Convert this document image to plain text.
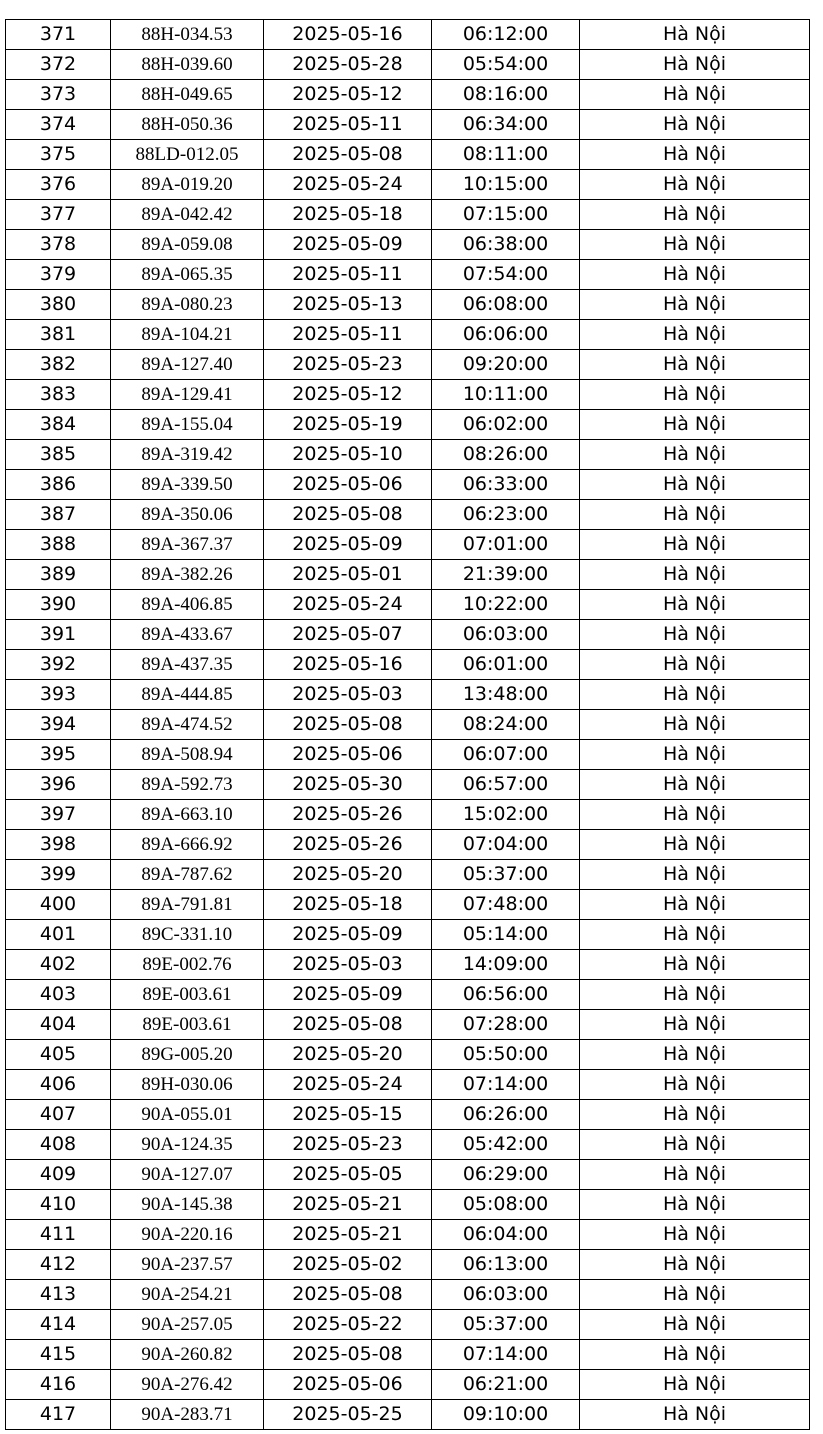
371	88H-034.53	2025-05-16	06:12:00	Hà Nội
372	88H-039.60	2025-05-28	05:54:00	Hà Nội
373	88H-049.65	2025-05-12	08:16:00	Hà Nội
374	88H-050.36	2025-05-11	06:34:00	Hà Nội
375	88LD-012.05	2025-05-08	08:11:00	Hà Nội
376	89A-019.20	2025-05-24	10:15:00	Hà Nội
377	89A-042.42	2025-05-18	07:15:00	Hà Nội
378	89A-059.08	2025-05-09	06:38:00	Hà Nội
379	89A-065.35	2025-05-11	07:54:00	Hà Nội
380	89A-080.23	2025-05-13	06:08:00	Hà Nội
381	89A-104.21	2025-05-11	06:06:00	Hà Nội
382	89A-127.40	2025-05-23	09:20:00	Hà Nội
383	89A-129.41	2025-05-12	10:11:00	Hà Nội
384	89A-155.04	2025-05-19	06:02:00	Hà Nội
385	89A-319.42	2025-05-10	08:26:00	Hà Nội
386	89A-339.50	2025-05-06	06:33:00	Hà Nội
387	89A-350.06	2025-05-08	06:23:00	Hà Nội
388	89A-367.37	2025-05-09	07:01:00	Hà Nội
389	89A-382.26	2025-05-01	21:39:00	Hà Nội
390	89A-406.85	2025-05-24	10:22:00	Hà Nội
391	89A-433.67	2025-05-07	06:03:00	Hà Nội
392	89A-437.35	2025-05-16	06:01:00	Hà Nội
393	89A-444.85	2025-05-03	13:48:00	Hà Nội
394	89A-474.52	2025-05-08	08:24:00	Hà Nội
395	89A-508.94	2025-05-06	06:07:00	Hà Nội
396	89A-592.73	2025-05-30	06:57:00	Hà Nội
397	89A-663.10	2025-05-26	15:02:00	Hà Nội
398	89A-666.92	2025-05-26	07:04:00	Hà Nội
399	89A-787.62	2025-05-20	05:37:00	Hà Nội
400	89A-791.81	2025-05-18	07:48:00	Hà Nội
401	89C-331.10	2025-05-09	05:14:00	Hà Nội
402	89E-002.76	2025-05-03	14:09:00	Hà Nội
403	89E-003.61	2025-05-09	06:56:00	Hà Nội
404	89E-003.61	2025-05-08	07:28:00	Hà Nội
405	89G-005.20	2025-05-20	05:50:00	Hà Nội
406	89H-030.06	2025-05-24	07:14:00	Hà Nội
407	90A-055.01	2025-05-15	06:26:00	Hà Nội
408	90A-124.35	2025-05-23	05:42:00	Hà Nội
409	90A-127.07	2025-05-05	06:29:00	Hà Nội
410	90A-145.38	2025-05-21	05:08:00	Hà Nội
411	90A-220.16	2025-05-21	06:04:00	Hà Nội
412	90A-237.57	2025-05-02	06:13:00	Hà Nội
413	90A-254.21	2025-05-08	06:03:00	Hà Nội
414	90A-257.05	2025-05-22	05:37:00	Hà Nội
415	90A-260.82	2025-05-08	07:14:00	Hà Nội
416	90A-276.42	2025-05-06	06:21:00	Hà Nội
417	90A-283.71	2025-05-25	09:10:00	Hà Nội
